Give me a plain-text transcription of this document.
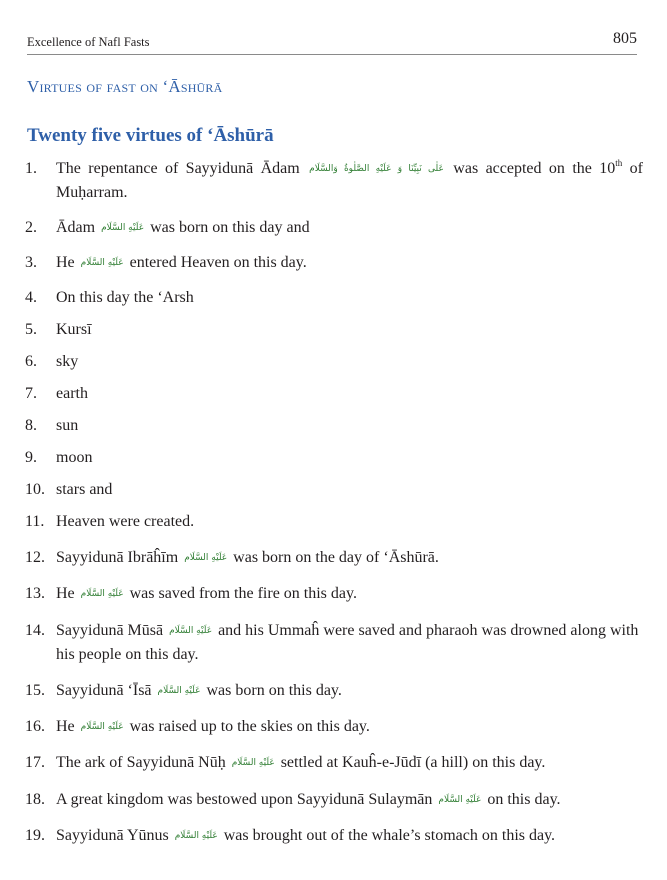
Excellence of Nafl Fasts	805
Virtues of fast on ‘Āshūrā
Twenty five virtues of ‘Āshūrā
1. The repentance of Sayyidunā Ādam عَلٰی نَبِیِّنَا وَ عَلَیْهِ الصَّلٰوةُ وَالسَّلَام was accepted on the 10th of Muḥarram.
2. Ādam عَلَیْهِ السَّلَام was born on this day and
3. He عَلَیْهِ السَّلَام entered Heaven on this day.
4. On this day the ‘Arsh
5. Kursī
6. sky
7. earth
8. sun
9. moon
10. stars and
11. Heaven were created.
12. Sayyidunā Ibrāĥīm عَلَیْهِ السَّلَام was born on the day of ‘Āshūrā.
13. He عَلَیْهِ السَّلَام was saved from the fire on this day.
14. Sayyidunā Mūsā عَلَیْهِ السَّلَام and his Ummaĥ were saved and pharaoh was drowned along with his people on this day.
15. Sayyidunā ‘Īsā عَلَیْهِ السَّلَام was born on this day.
16. He عَلَیْهِ السَّلَام was raised up to the skies on this day.
17. The ark of Sayyidunā Nūḥ عَلَیْهِ السَّلَام settled at Kauĥ-e-Jūdī (a hill) on this day.
18. A great kingdom was bestowed upon Sayyidunā Sulaymān عَلَیْهِ السَّلَام on this day.
19. Sayyidunā Yūnus عَلَیْهِ السَّلَام was brought out of the whale’s stomach on this day.
